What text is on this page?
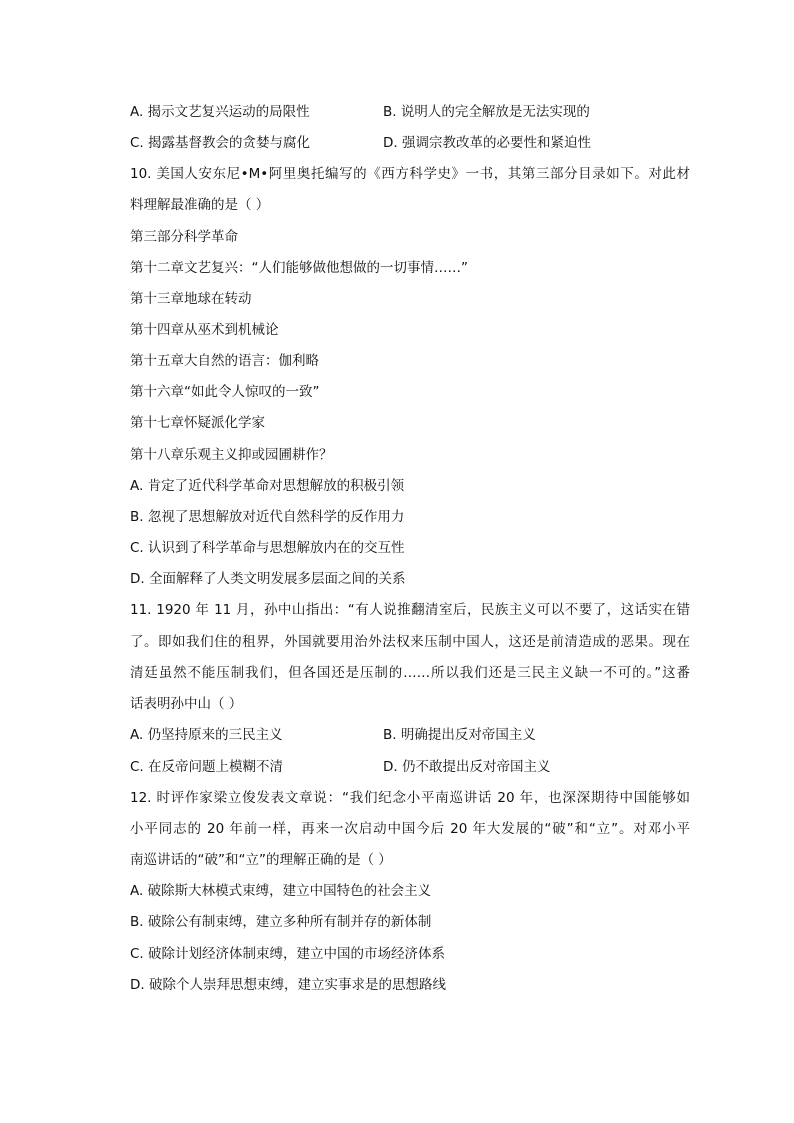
A. 揭示文艺复兴运动的局限性	B. 说明人的完全解放是无法实现的
C. 揭露基督教会的贪婪与腐化	D. 强调宗教改革的必要性和紧迫性
10. 美国人安东尼•M•阿里奥托编写的《西方科学史》一书，其第三部分目录如下。对此材
料理解最准确的是（ ）
第三部分科学革命
第十二章文艺复兴：“人们能够做他想做的一切事情……”
第十三章地球在转动
第十四章从巫术到机械论
第十五章大自然的语言：伽利略
第十六章“如此令人惊叹的一致”
第十七章怀疑派化学家
第十八章乐观主义抑或园圃耕作？
A. 肯定了近代科学革命对思想解放的积极引领
B. 忽视了思想解放对近代自然科学的反作用力
C. 认识到了科学革命与思想解放内在的交互性
D. 全面解释了人类文明发展多层面之间的关系
11. 1920 年 11 月，孙中山指出：“有人说推翻清室后，民族主义可以不要了，这话实在错
了。即如我们住的租界，外国就要用治外法权来压制中国人，这还是前清造成的恶果。现在
清廷虽然不能压制我们，但各国还是压制的……所以我们还是三民主义缺一不可的。”这番
话表明孙中山（ ）
A. 仍坚持原来的三民主义	B. 明确提出反对帝国主义
C. 在反帝问题上模糊不清	D. 仍不敢提出反对帝国主义
12. 时评作家梁立俊发表文章说：“我们纪念小平南巡讲话 20 年，也深深期待中国能够如
小平同志的 20 年前一样，再来一次启动中国今后 20 年大发展的“破”和“立”。对邓小平
南巡讲话的“破”和“立”的理解正确的是（ ）
A. 破除斯大林模式束缚，建立中国特色的社会主义
B. 破除公有制束缚，建立多种所有制并存的新体制
C. 破除计划经济体制束缚，建立中国的市场经济体系
D. 破除个人崇拜思想束缚，建立实事求是的思想路线
